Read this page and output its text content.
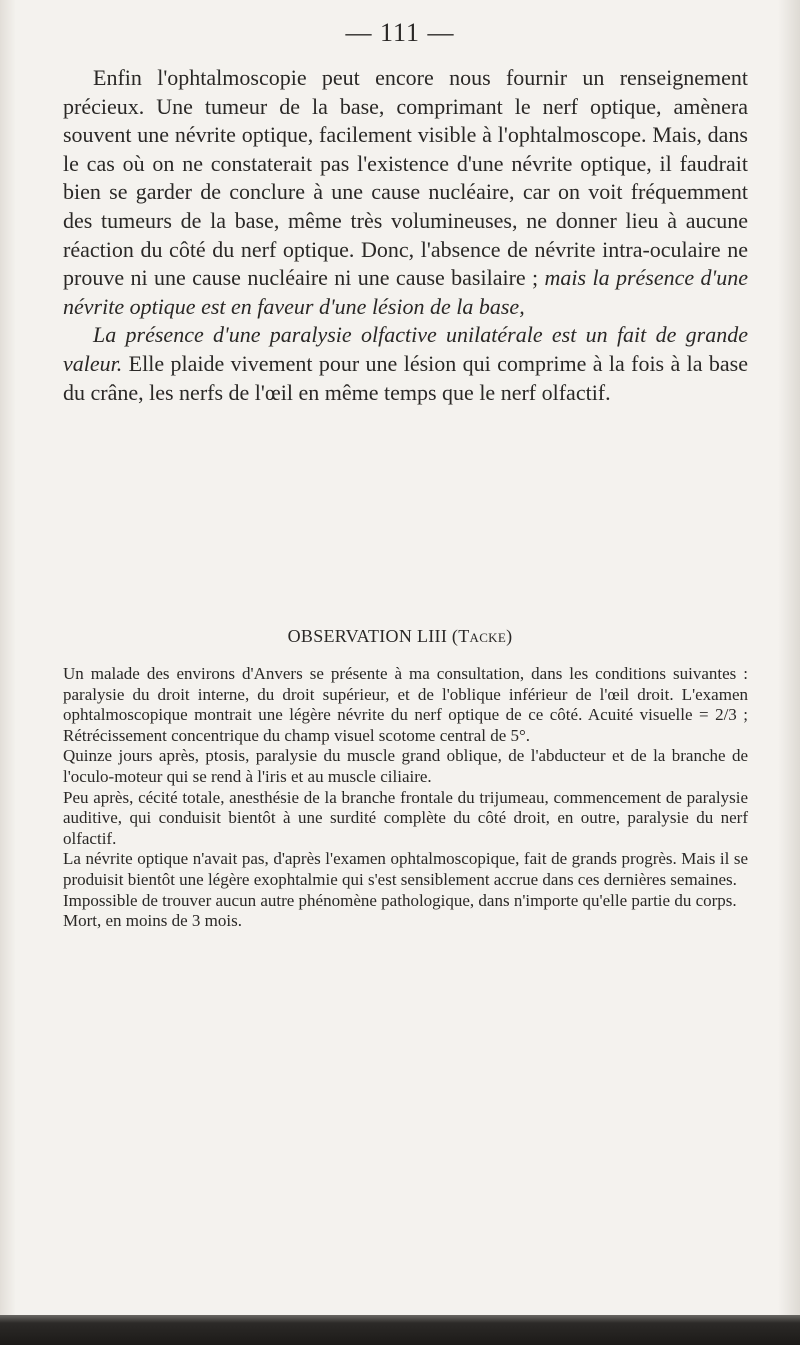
— 111 —

Enfin l'ophtalmoscopie peut encore nous fournir un renseignement précieux. Une tumeur de la base, comprimant le nerf optique, amènera souvent une névrite optique, facilement visible à l'ophtalmoscope. Mais, dans le cas où on ne constaterait pas l'existence d'une névrite optique, il faudrait bien se garder de conclure à une cause nucléaire, car on voit fréquemment des tumeurs de la base, même très volumineuses, ne donner lieu à aucune réaction du côté du nerf optique. Donc, l'absence de névrite intra-oculaire ne prouve ni une cause nucléaire ni une cause basilaire ; mais la présence d'une névrite optique est en faveur d'une lésion de la base,

La présence d'une paralysie olfactive unilatérale est un fait de grande valeur. Elle plaide vivement pour une lésion qui comprime à la fois à la base du crâne, les nerfs de l'œil en même temps que le nerf olfactif.

OBSERVATION LIII (Tacke)

Un malade des environs d'Anvers se présente à ma consultation, dans les conditions suivantes : paralysie du droit interne, du droit supérieur, et de l'oblique inférieur de l'œil droit. L'examen ophtalmoscopique montrait une légère névrite du nerf optique de ce côté. Acuité visuelle = 2/3 ; Rétrécissement concentrique du champ visuel scotome central de 5°.

Quinze jours après, ptosis, paralysie du muscle grand oblique, de l'abducteur et de la branche de l'oculo-moteur qui se rend à l'iris et au muscle ciliaire.

Peu après, cécité totale, anesthésie de la branche frontale du trijumeau, commencement de paralysie auditive, qui conduisit bientôt à une surdité complète du côté droit, en outre, paralysie du nerf olfactif.

La névrite optique n'avait pas, d'après l'examen ophtalmoscopique, fait de grands progrès. Mais il se produisit bientôt une légère exophtalmie qui s'est sensiblement accrue dans ces dernières semaines.

Impossible de trouver aucun autre phénomène pathologique, dans n'importe qu'elle partie du corps.

Mort, en moins de 3 mois.
